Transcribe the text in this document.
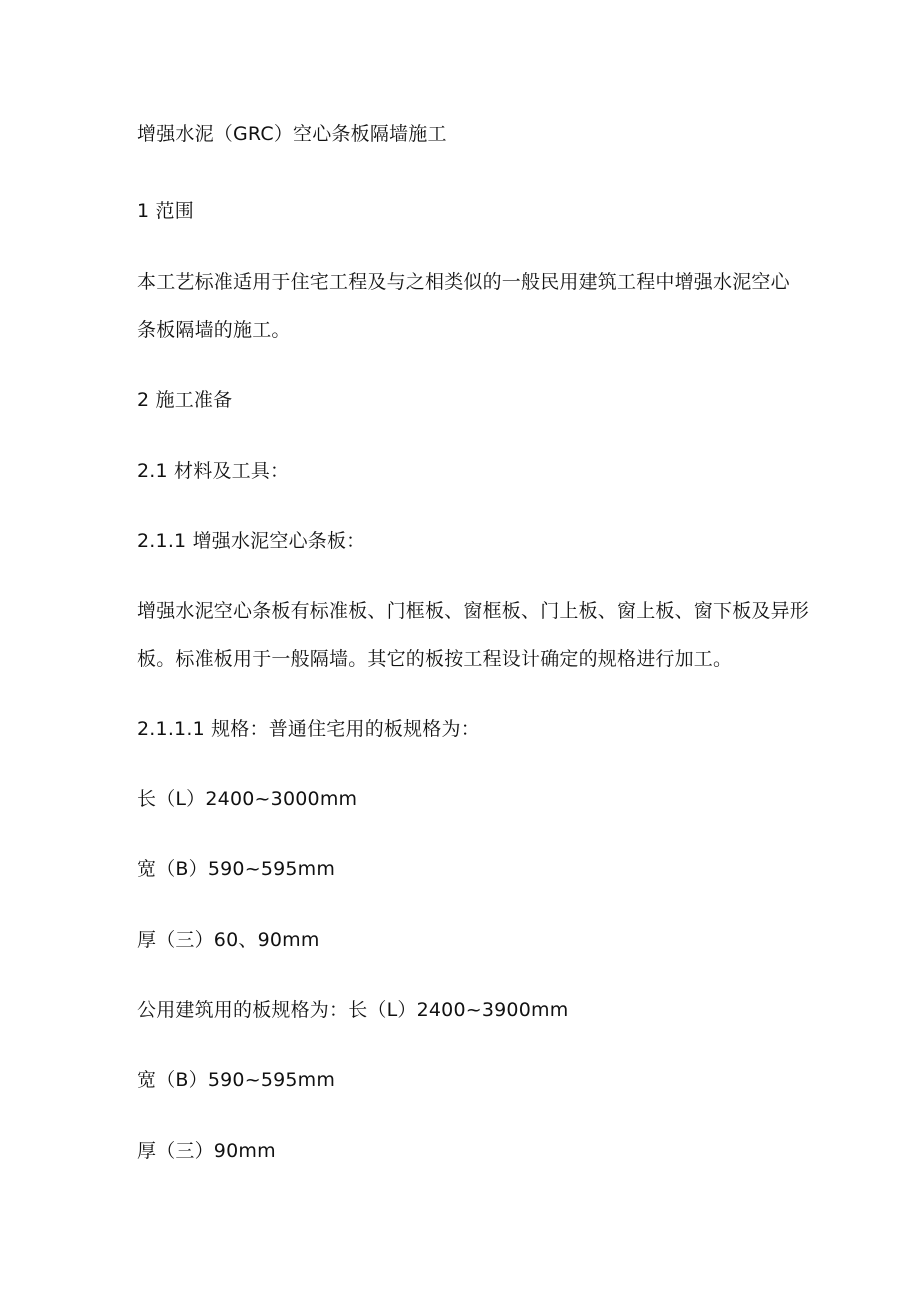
增强水泥（GRC）空心条板隔墙施工
1 范围
本工艺标准适用于住宅工程及与之相类似的一般民用建筑工程中增强水泥空心
条板隔墙的施工。
2 施工准备
2.1 材料及工具：
2.1.1 增强水泥空心条板：
增强水泥空心条板有标准板、门框板、窗框板、门上板、窗上板、窗下板及异形
板。标准板用于一般隔墙。其它的板按工程设计确定的规格进行加工。
2.1.1.1 规格：普通住宅用的板规格为：
长（L）2400~3000mm
宽（B）590~595mm
厚（三）60、90mm
公用建筑用的板规格为：长（L）2400~3900mm
宽（B）590~595mm
厚（三）90mm
